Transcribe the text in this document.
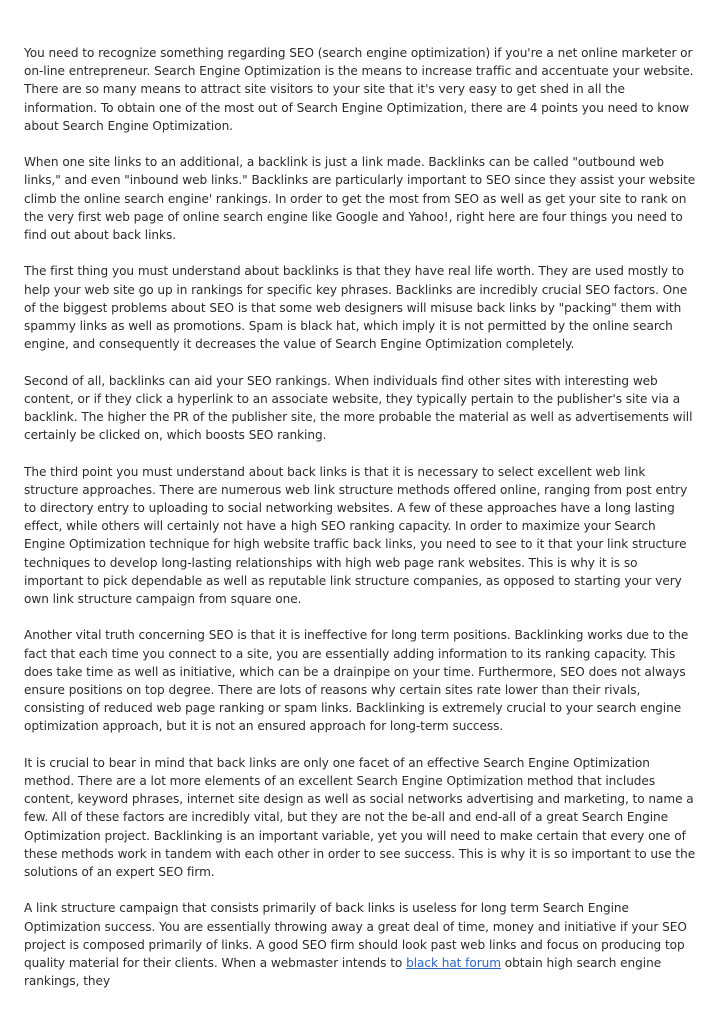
You need to recognize something regarding SEO (search engine optimization) if you're a net online marketer or on-line entrepreneur. Search Engine Optimization is the means to increase traffic and accentuate your website. There are so many means to attract site visitors to your site that it's very easy to get shed in all the information. To obtain one of the most out of Search Engine Optimization, there are 4 points you need to know about Search Engine Optimization.

When one site links to an additional, a backlink is just a link made. Backlinks can be called "outbound web links," and even "inbound web links." Backlinks are particularly important to SEO since they assist your website climb the online search engine' rankings. In order to get the most from SEO as well as get your site to rank on the very first web page of online search engine like Google and Yahoo!, right here are four things you need to find out about back links.

The first thing you must understand about backlinks is that they have real life worth. They are used mostly to help your web site go up in rankings for specific key phrases. Backlinks are incredibly crucial SEO factors. One of the biggest problems about SEO is that some web designers will misuse back links by "packing" them with spammy links as well as promotions. Spam is black hat, which imply it is not permitted by the online search engine, and consequently it decreases the value of Search Engine Optimization completely.

Second of all, backlinks can aid your SEO rankings. When individuals find other sites with interesting web content, or if they click a hyperlink to an associate website, they typically pertain to the publisher's site via a backlink. The higher the PR of the publisher site, the more probable the material as well as advertisements will certainly be clicked on, which boosts SEO ranking.

The third point you must understand about back links is that it is necessary to select excellent web link structure approaches. There are numerous web link structure methods offered online, ranging from post entry to directory entry to uploading to social networking websites. A few of these approaches have a long lasting effect, while others will certainly not have a high SEO ranking capacity. In order to maximize your Search Engine Optimization technique for high website traffic back links, you need to see to it that your link structure techniques to develop long-lasting relationships with high web page rank websites. This is why it is so important to pick dependable as well as reputable link structure companies, as opposed to starting your very own link structure campaign from square one.

Another vital truth concerning SEO is that it is ineffective for long term positions. Backlinking works due to the fact that each time you connect to a site, you are essentially adding information to its ranking capacity. This does take time as well as initiative, which can be a drainpipe on your time. Furthermore, SEO does not always ensure positions on top degree. There are lots of reasons why certain sites rate lower than their rivals, consisting of reduced web page ranking or spam links. Backlinking is extremely crucial to your search engine optimization approach, but it is not an ensured approach for long-term success.

It is crucial to bear in mind that back links are only one facet of an effective Search Engine Optimization method. There are a lot more elements of an excellent Search Engine Optimization method that includes content, keyword phrases, internet site design as well as social networks advertising and marketing, to name a few. All of these factors are incredibly vital, but they are not the be-all and end-all of a great Search Engine Optimization project. Backlinking is an important variable, yet you will need to make certain that every one of these methods work in tandem with each other in order to see success. This is why it is so important to use the solutions of an expert SEO firm.

A link structure campaign that consists primarily of back links is useless for long term Search Engine Optimization success. You are essentially throwing away a great deal of time, money and initiative if your SEO project is composed primarily of links. A good SEO firm should look past web links and focus on producing top quality material for their clients. When a webmaster intends to black hat forum obtain high search engine rankings, they
